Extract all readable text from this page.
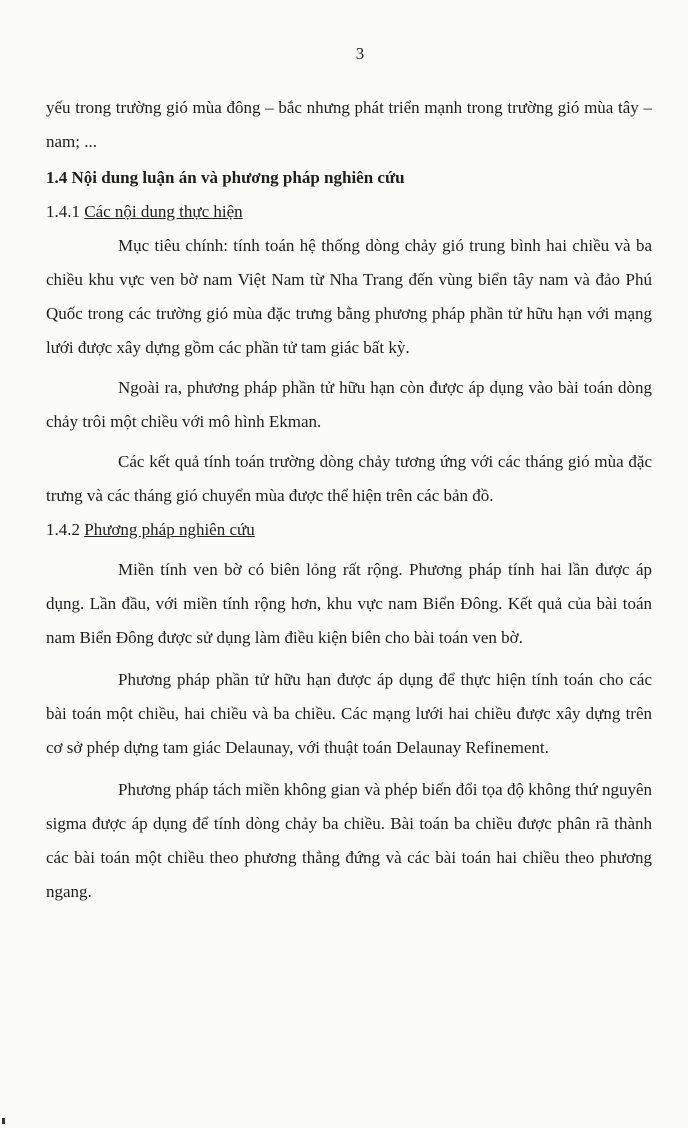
3

yếu trong trường gió mùa đông – bắc nhưng phát triển mạnh trong trường gió mùa tây – nam; ...

1.4 Nội dung luận án và phương pháp nghiên cứu

1.4.1 Các nội dung thực hiện

Mục tiêu chính: tính toán hệ thống dòng chảy gió trung bình hai chiều và ba chiều khu vực ven bờ nam Việt Nam từ Nha Trang đến vùng biển tây nam và đảo Phú Quốc trong các trường gió mùa đặc trưng bằng phương pháp phần tử hữu hạn với mạng lưới được xây dựng gồm các phần tử tam giác bất kỳ.

Ngoài ra, phương pháp phần tử hữu hạn còn được áp dụng vào bài toán dòng chảy trôi một chiều với mô hình Ekman.

Các kết quả tính toán trường dòng chảy tương ứng với các tháng gió mùa đặc trưng và các tháng gió chuyển mùa được thể hiện trên các bản đồ.

1.4.2 Phương pháp nghiên cứu

Miền tính ven bờ có biên lỏng rất rộng. Phương pháp tính hai lần được áp dụng. Lần đầu, với miền tính rộng hơn, khu vực nam Biển Đông. Kết quả của bài toán nam Biển Đông được sử dụng làm điều kiện biên cho bài toán ven bờ.

Phương pháp phần tử hữu hạn được áp dụng để thực hiện tính toán cho các bài toán một chiều, hai chiều và ba chiều. Các mạng lưới hai chiều được xây dựng trên cơ sở phép dựng tam giác Delaunay, với thuật toán Delaunay Refinement.

Phương pháp tách miền không gian và phép biến đổi tọa độ không thứ nguyên sigma được áp dụng để tính dòng chảy ba chiều. Bài toán ba chiều được phân rã thành các bài toán một chiều theo phương thẳng đứng và các bài toán hai chiều theo phương ngang.
